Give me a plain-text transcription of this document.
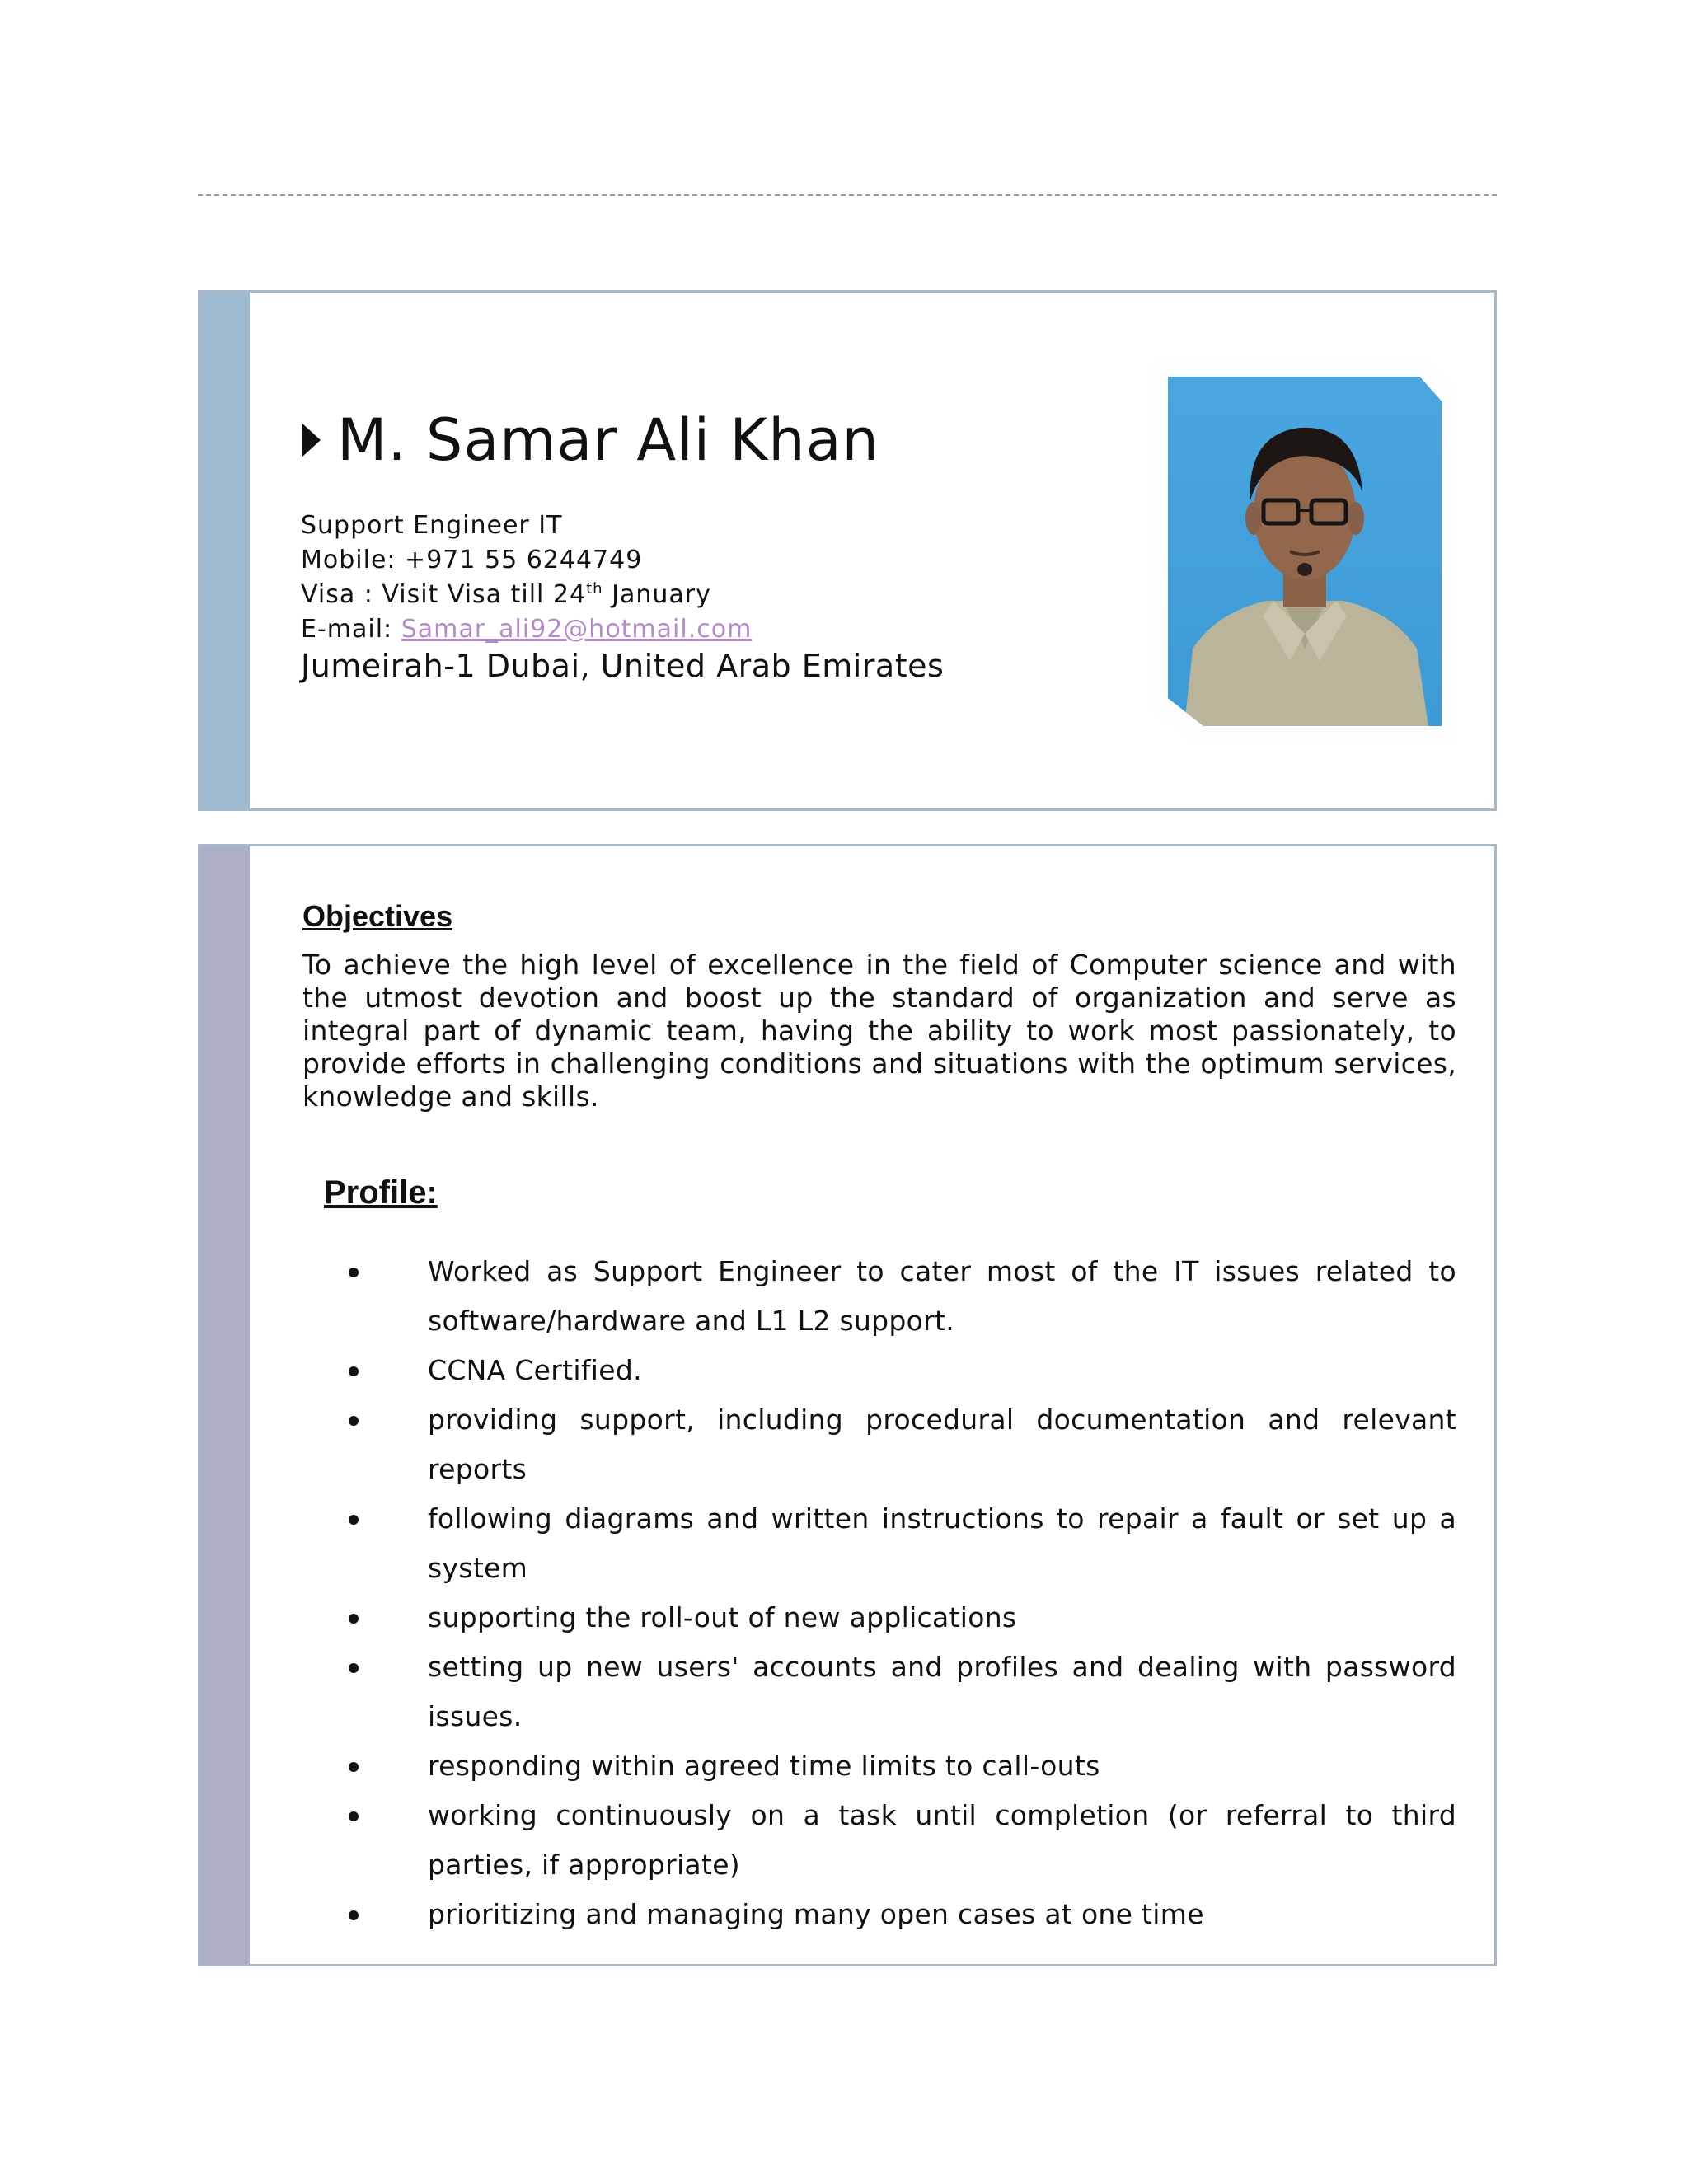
M. Samar Ali Khan
Support Engineer IT
Mobile: +971 55 6244749
Visa : Visit Visa till 24th January
E-mail: Samar_ali92@hotmail.com
Jumeirah-1 Dubai, United Arab Emirates
Objectives
To achieve the high level of excellence in the field of Computer science and with the utmost devotion and boost up the standard of organization and serve as integral part of dynamic team, having the ability to work most passionately, to provide efforts in challenging conditions and situations with the optimum services, knowledge and skills.
Profile:
Worked as Support Engineer to cater most of the IT issues related to software/hardware and L1 L2 support.
CCNA Certified.
providing support, including procedural documentation and relevant reports
following diagrams and written instructions to repair a fault or set up a system
supporting the roll-out of new applications
setting up new users' accounts and profiles and dealing with password issues.
responding within agreed time limits to call-outs
working continuously on a task until completion (or referral to third parties, if appropriate)
prioritizing and managing many open cases at one time
